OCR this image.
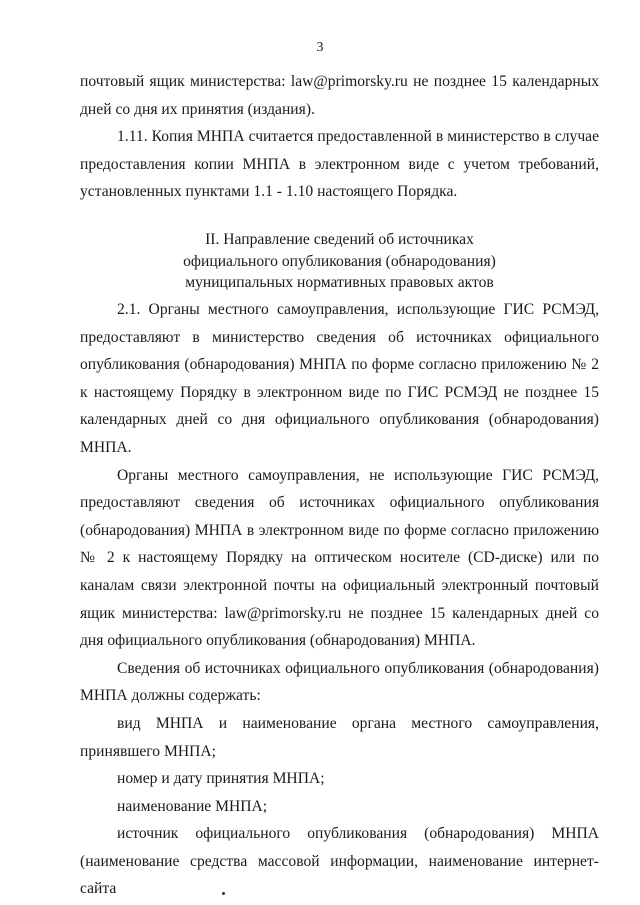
3

почтовый ящик министерства: law@primorsky.ru не позднее 15 календарных дней со дня их принятия (издания).

1.11. Копия МНПА считается предоставленной в министерство в случае предоставления копии МНПА в электронном виде с учетом требований, установленных пунктами 1.1 - 1.10 настоящего Порядка.

II. Направление сведений об источниках
официального опубликования (обнародования)
муниципальных нормативных правовых актов

2.1. Органы местного самоуправления, использующие ГИС РСМЭД, предоставляют в министерство сведения об источниках официального опубликования (обнародования) МНПА по форме согласно приложению № 2 к настоящему Порядку в электронном виде по ГИС РСМЭД не позднее 15 календарных дней со дня официального опубликования (обнародования) МНПА.

Органы местного самоуправления, не использующие ГИС РСМЭД, предоставляют сведения об источниках официального опубликования (обнародования) МНПА в электронном виде по форме согласно приложению № 2 к настоящему Порядку на оптическом носителе (CD-диске) или по каналам связи электронной почты на официальный электронный почтовый ящик министерства: law@primorsky.ru не позднее 15 календарных дней со дня официального опубликования (обнародования) МНПА.

Сведения об источниках официального опубликования (обнародования) МНПА должны содержать:

вид МНПА и наименование органа местного самоуправления, принявшего МНПА;

номер и дату принятия МНПА;

наименование МНПА;

источник официального опубликования (обнародования) МНПА (наименование средства массовой информации, наименование интернет-сайта
